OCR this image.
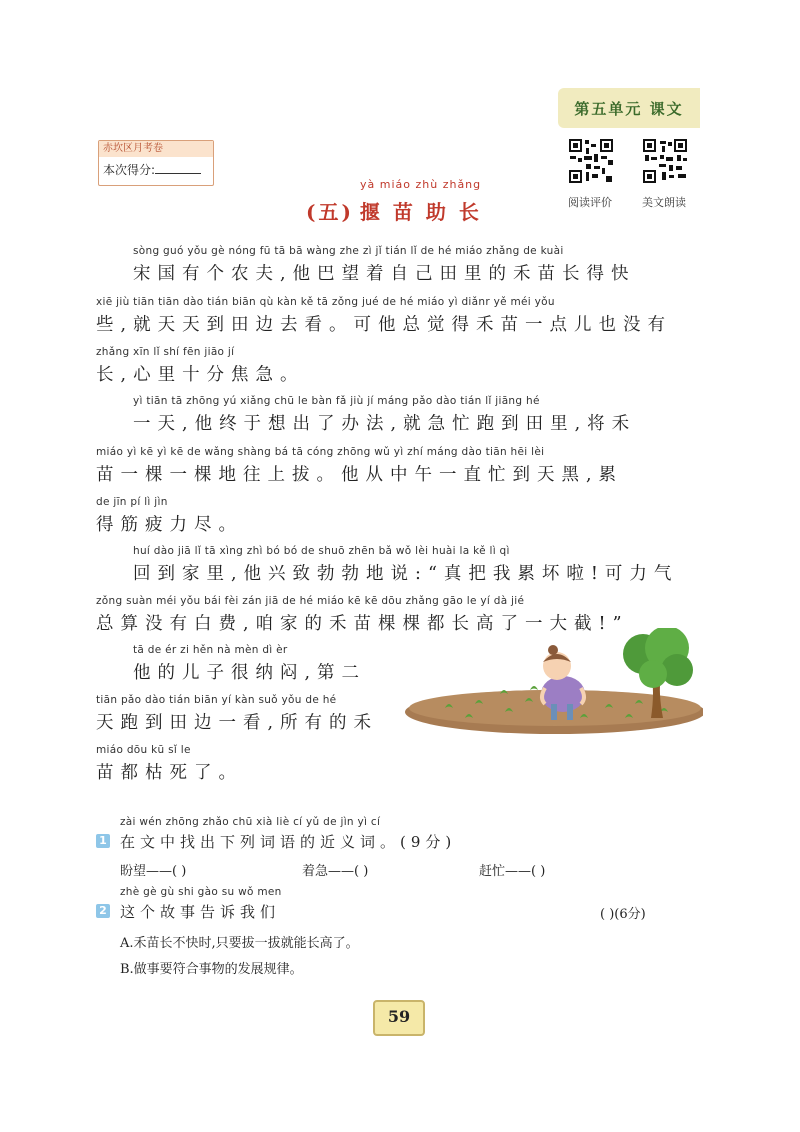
第五单元 课文
赤坎区月考卷
本次得分:
阅读评价	美文朗读
yà miáo zhù zhǎng
(五) 揠 苗 助 长
sòng guó yǒu gè nóng fū tā bā wàng zhe zì jǐ tián lǐ de hé miáo zhǎng de kuài
宋国有个农夫,他巴望着自己田里的禾苗长得快
xiē jiù tiān tiān dào tián biān qù kàn kě tā zǒng jué de hé miáo yì diǎnr yě méi yǒu
些,就天天到田边去看。可他总觉得禾苗一点儿也没有
zhǎng xīn lǐ shí fēn jiāo jí
长,心里十分焦急。
yì tiān tā zhōng yú xiǎng chū le bàn fǎ jiù jí máng pǎo dào tián lǐ jiāng hé
一天,他终于想出了办法,就急忙跑到田里,将禾
miáo yì kē yì kē de wǎng shàng bá tā cóng zhōng wǔ yì zhí máng dào tiān hēi lèi
苗一棵一棵地往上拔。他从中午一直忙到天黑,累
de jīn pí lì jìn
得筋疲力尽。
huí dào jiā lǐ tā xìng zhì bó bó de shuō zhēn bǎ wǒ lèi huài la kě lì qì
回到家里,他兴致勃勃地说:“真把我累坏啦!可力气
zǒng suàn méi yǒu bái fèi zán jiā de hé miáo kē kē dōu zhǎng gāo le yí dà jié
总算没有白费,咱家的禾苗棵棵都长高了一大截!”
tā de ér zi hěn nà mèn dì èr
他的儿子很纳闷,第二
tiān pǎo dào tián biān yí kàn suǒ yǒu de hé
天跑到田边一看,所有的禾
miáo dōu kū sǐ le
苗都枯死了。
zài wén zhōng zhǎo chū xià liè cí yǔ de jìn yì cí
1 在文中找出下列词语的近义词。(9分)
盼望——( )	着急——( )	赶忙——( )
zhè gè gù shi gào su wǒ men
2 这个故事告诉我们	( )(6分)
A.禾苗长不快时,只要拔一拔就能长高了。
B.做事要符合事物的发展规律。
59
